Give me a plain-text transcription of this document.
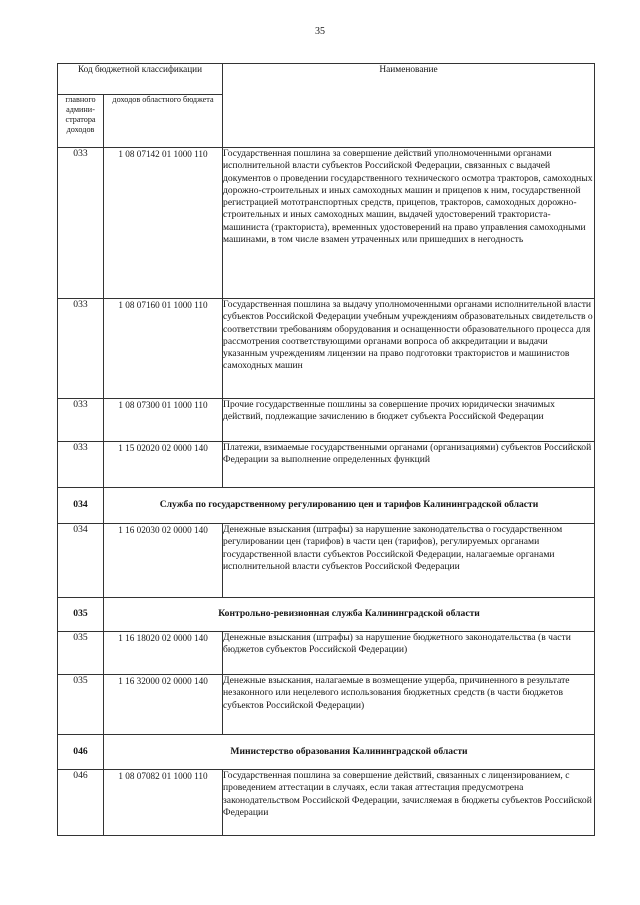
35
Код бюджетной классификации		Наименование
главного админи-стратора доходов	доходов областного бюджета	
033	1 08 07142 01 1000 110	Государственная пошлина за совершение действий уполномоченными органами исполнительной власти субъектов Российской Федерации, связанных с выдачей документов о проведении государственного технического осмотра тракторов, самоходных дорожно-строительных и иных самоходных машин и прицепов к ним, государственной регистрацией мототранспортных средств, прицепов, тракторов, самоходных дорожно-строительных и иных самоходных машин, выдачей удостоверений тракториста-машиниста (тракториста), временных удостоверений на право управления самоходными машинами, в том числе взамен утраченных или пришедших в негодность
033	1 08 07160 01 1000 110	Государственная пошлина за выдачу уполномоченными органами исполнительной власти субъектов Российской Федерации учебным учреждениям образовательных свидетельств о соответствии требованиям оборудования и оснащенности образовательного процесса для рассмотрения соответствующими органами вопроса об аккредитации и выдачи указанным учреждениям лицензии на право подготовки трактористов и машинистов самоходных машин
033	1 08 07300 01 1000 110	Прочие государственные пошлины за совершение прочих юридически значимых действий, подлежащие зачислению в бюджет субъекта Российской Федерации
033	1 15 02020 02 0000 140	Платежи, взимаемые государственными органами (организациями) субъектов Российской Федерации за выполнение определенных функций
034	Служба по государственному регулированию цен и тарифов Калининградской области	
034	1 16 02030 02 0000 140	Денежные взыскания (штрафы) за нарушение законодательства о государственном регулировании цен (тарифов) в части цен (тарифов), регулируемых органами государственной власти субъектов Российской Федерации, налагаемые органами исполнительной власти субъектов Российской Федерации
035	Контрольно-ревизионная служба Калининградской области	
035	1 16 18020 02 0000 140	Денежные взыскания (штрафы) за нарушение бюджетного законодательства (в части бюджетов субъектов Российской Федерации)
035	1 16 32000 02 0000 140	Денежные взыскания, налагаемые в возмещение ущерба, причиненного в результате незаконного или нецелевого использования бюджетных средств (в части бюджетов субъектов Российской Федерации)
046	Министерство образования Калининградской области	
046	1 08 07082 01 1000 110	Государственная пошлина за совершение действий, связанных с лицензированием, с проведением аттестации в случаях, если такая аттестация предусмотрена законодательством Российской Федерации, зачисляемая в бюджеты субъектов Российской Федерации
